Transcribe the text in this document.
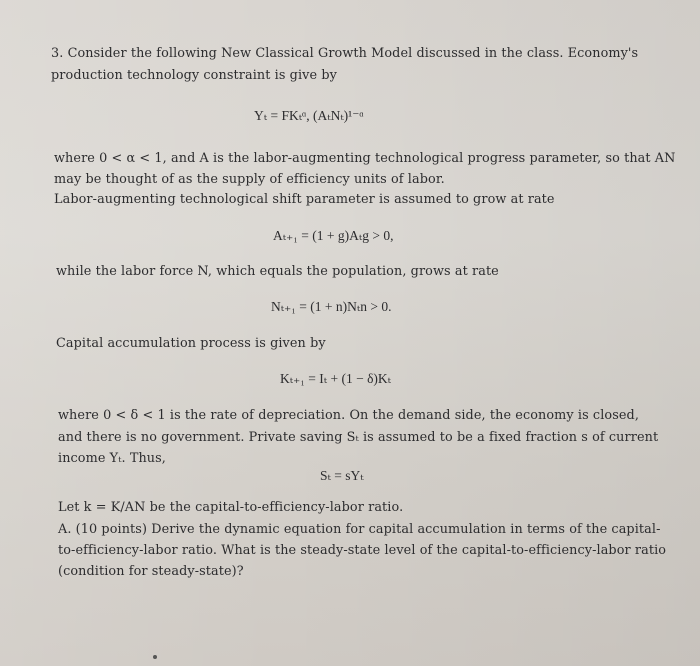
3. Consider the following New Classical Growth Model discussed in the class. Economy's
production technology constraint is give by
Yₜ = FKₜᵅ, (AₜNₜ)¹⁻ᵅ
where 0 < α < 1, and A is the labor-augmenting technological progress parameter, so that AN
may be thought of as the supply of efficiency units of labor.
Labor-augmenting technological shift parameter is assumed to grow at rate
Aₜ₊₁ = (1 + g)Aₜg > 0,
while the labor force N, which equals the population, grows at rate
Nₜ₊₁ = (1 + n)Nₜn > 0.
Capital accumulation process is given by
Kₜ₊₁ = Iₜ + (1 − δ)Kₜ
where 0 < δ < 1 is the rate of depreciation. On the demand side, the economy is closed,
and there is no government. Private saving Sₜ is assumed to be a fixed fraction s of current
income Yₜ. Thus,
Sₜ = sYₜ
Let k = K/AN be the capital-to-efficiency-labor ratio.
A. (10 points) Derive the dynamic equation for capital accumulation in terms of the capital-
to-efficiency-labor ratio. What is the steady-state level of the capital-to-efficiency-labor ratio
(condition for steady-state)?
